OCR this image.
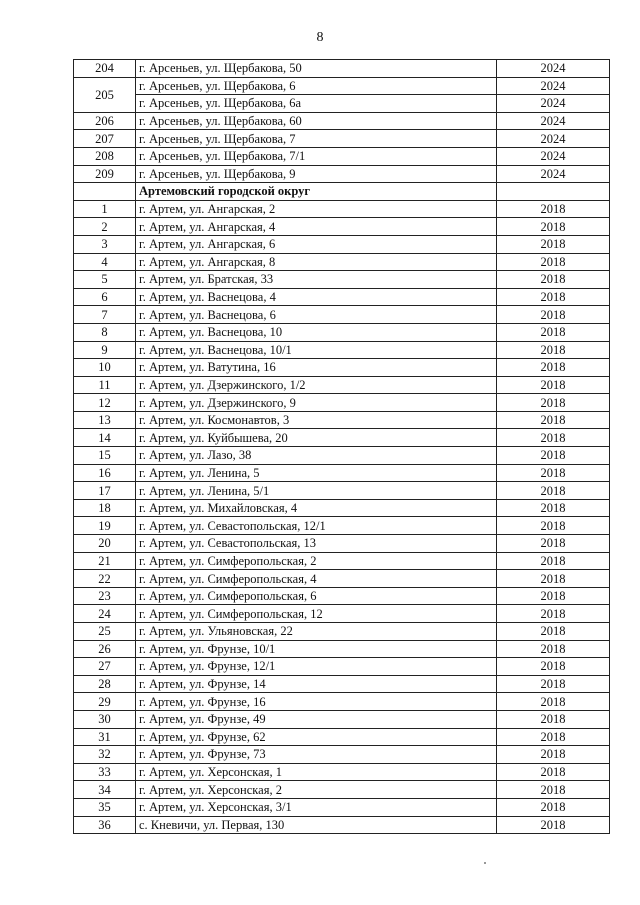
8
204	г. Арсеньев, ул. Щербакова, 50	2024
205	г. Арсеньев, ул. Щербакова, 6	2024
	г. Арсеньев, ул. Щербакова, 6а	2024
206	г. Арсеньев, ул. Щербакова, 60	2024
207	г. Арсеньев, ул. Щербакова, 7	2024
208	г. Арсеньев, ул. Щербакова, 7/1	2024
209	г. Арсеньев, ул. Щербакова, 9	2024
	Артемовский городской округ	
1	г. Артем, ул. Ангарская, 2	2018
2	г. Артем, ул. Ангарская, 4	2018
3	г. Артем, ул. Ангарская, 6	2018
4	г. Артем, ул. Ангарская, 8	2018
5	г. Артем, ул. Братская, 33	2018
6	г. Артем, ул. Васнецова, 4	2018
7	г. Артем, ул. Васнецова, 6	2018
8	г. Артем, ул. Васнецова, 10	2018
9	г. Артем, ул. Васнецова, 10/1	2018
10	г. Артем, ул. Ватутина, 16	2018
11	г. Артем, ул. Дзержинского, 1/2	2018
12	г. Артем, ул. Дзержинского, 9	2018
13	г. Артем, ул. Космонавтов, 3	2018
14	г. Артем, ул. Куйбышева, 20	2018
15	г. Артем, ул. Лазо, 38	2018
16	г. Артем, ул. Ленина, 5	2018
17	г. Артем, ул. Ленина, 5/1	2018
18	г. Артем, ул. Михайловская, 4	2018
19	г. Артем, ул. Севастопольская, 12/1	2018
20	г. Артем, ул. Севастопольская, 13	2018
21	г. Артем, ул. Симферопольская, 2	2018
22	г. Артем, ул. Симферопольская, 4	2018
23	г. Артем, ул. Симферопольская, 6	2018
24	г. Артем, ул. Симферопольская, 12	2018
25	г. Артем, ул. Ульяновская, 22	2018
26	г. Артем, ул. Фрунзе, 10/1	2018
27	г. Артем, ул. Фрунзе, 12/1	2018
28	г. Артем, ул. Фрунзе, 14	2018
29	г. Артем, ул. Фрунзе, 16	2018
30	г. Артем, ул. Фрунзе, 49	2018
31	г. Артем, ул. Фрунзе, 62	2018
32	г. Артем, ул. Фрунзе, 73	2018
33	г. Артем, ул. Херсонская, 1	2018
34	г. Артем, ул. Херсонская, 2	2018
35	г. Артем, ул. Херсонская, 3/1	2018
36	с. Кневичи, ул. Первая, 130	2018
